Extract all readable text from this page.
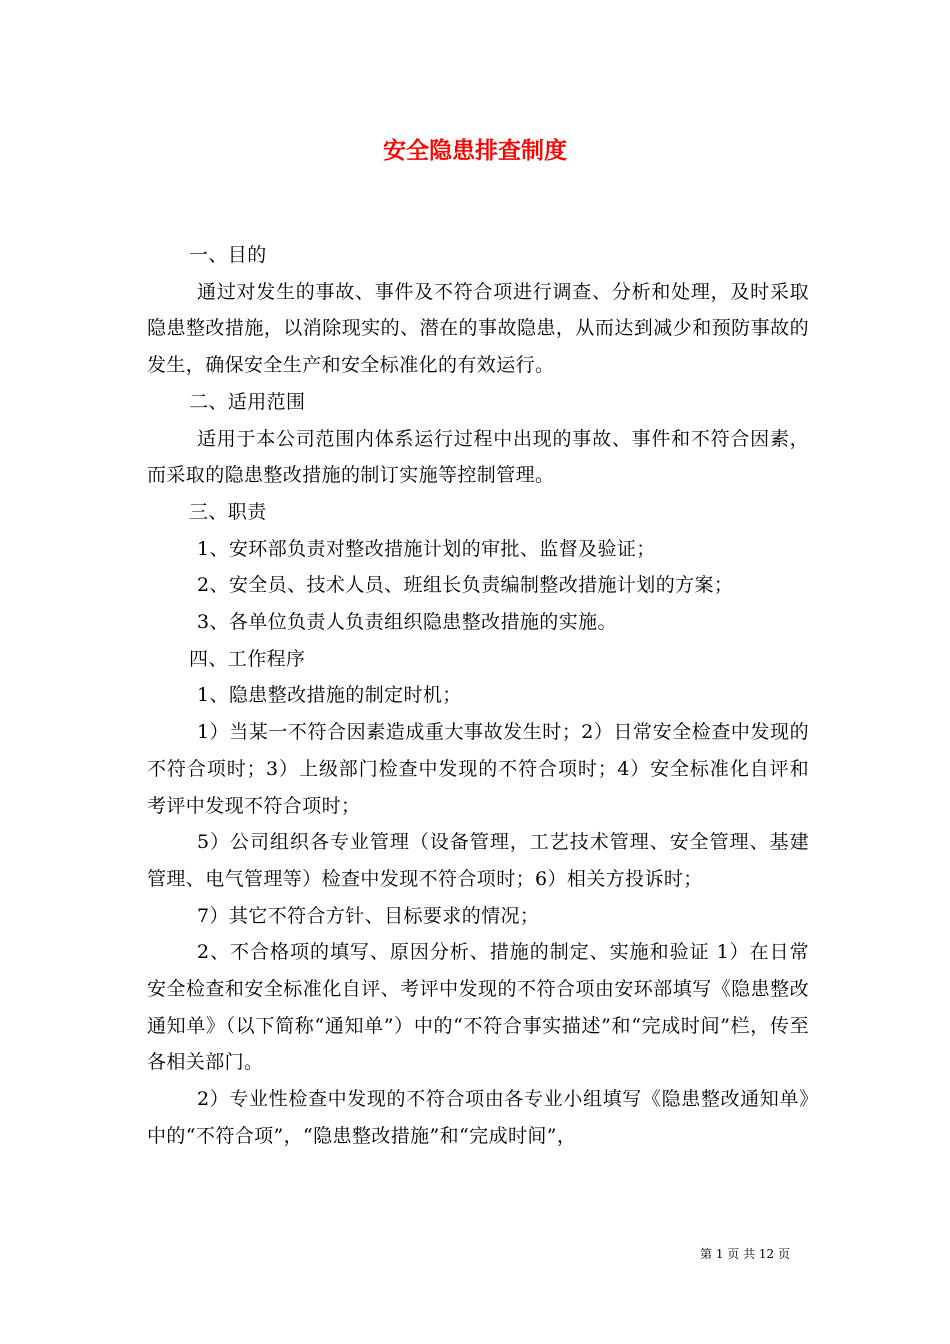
安全隐患排查制度

一、目的

通过对发生的事故、事件及不符合项进行调查、分析和处理，及时采取隐患整改措施，以消除现实的、潜在的事故隐患，从而达到减少和预防事故的发生，确保安全生产和安全标准化的有效运行。

二、适用范围

适用于本公司范围内体系运行过程中出现的事故、事件和不符合因素，而采取的隐患整改措施的制订实施等控制管理。

三、职责

1、安环部负责对整改措施计划的审批、监督及验证；

2、安全员、技术人员、班组长负责编制整改措施计划的方案；

3、各单位负责人负责组织隐患整改措施的实施。

四、工作程序

1、隐患整改措施的制定时机；

1）当某一不符合因素造成重大事故发生时；2）日常安全检查中发现的不符合项时；3）上级部门检查中发现的不符合项时；4）安全标准化自评和考评中发现不符合项时；

5）公司组织各专业管理（设备管理，工艺技术管理、安全管理、基建管理、电气管理等）检查中发现不符合项时；6）相关方投诉时；

7）其它不符合方针、目标要求的情况；

2、不合格项的填写、原因分析、措施的制定、实施和验证 1）在日常安全检查和安全标准化自评、考评中发现的不符合项由安环部填写《隐患整改通知单》（以下简称“通知单”）中的“不符合事实描述”和“完成时间”栏，传至各相关部门。

2）专业性检查中发现的不符合项由各专业小组填写《隐患整改通知单》中的“不符合项”，“隐患整改措施”和“完成时间”，

第 1 页 共 12 页
